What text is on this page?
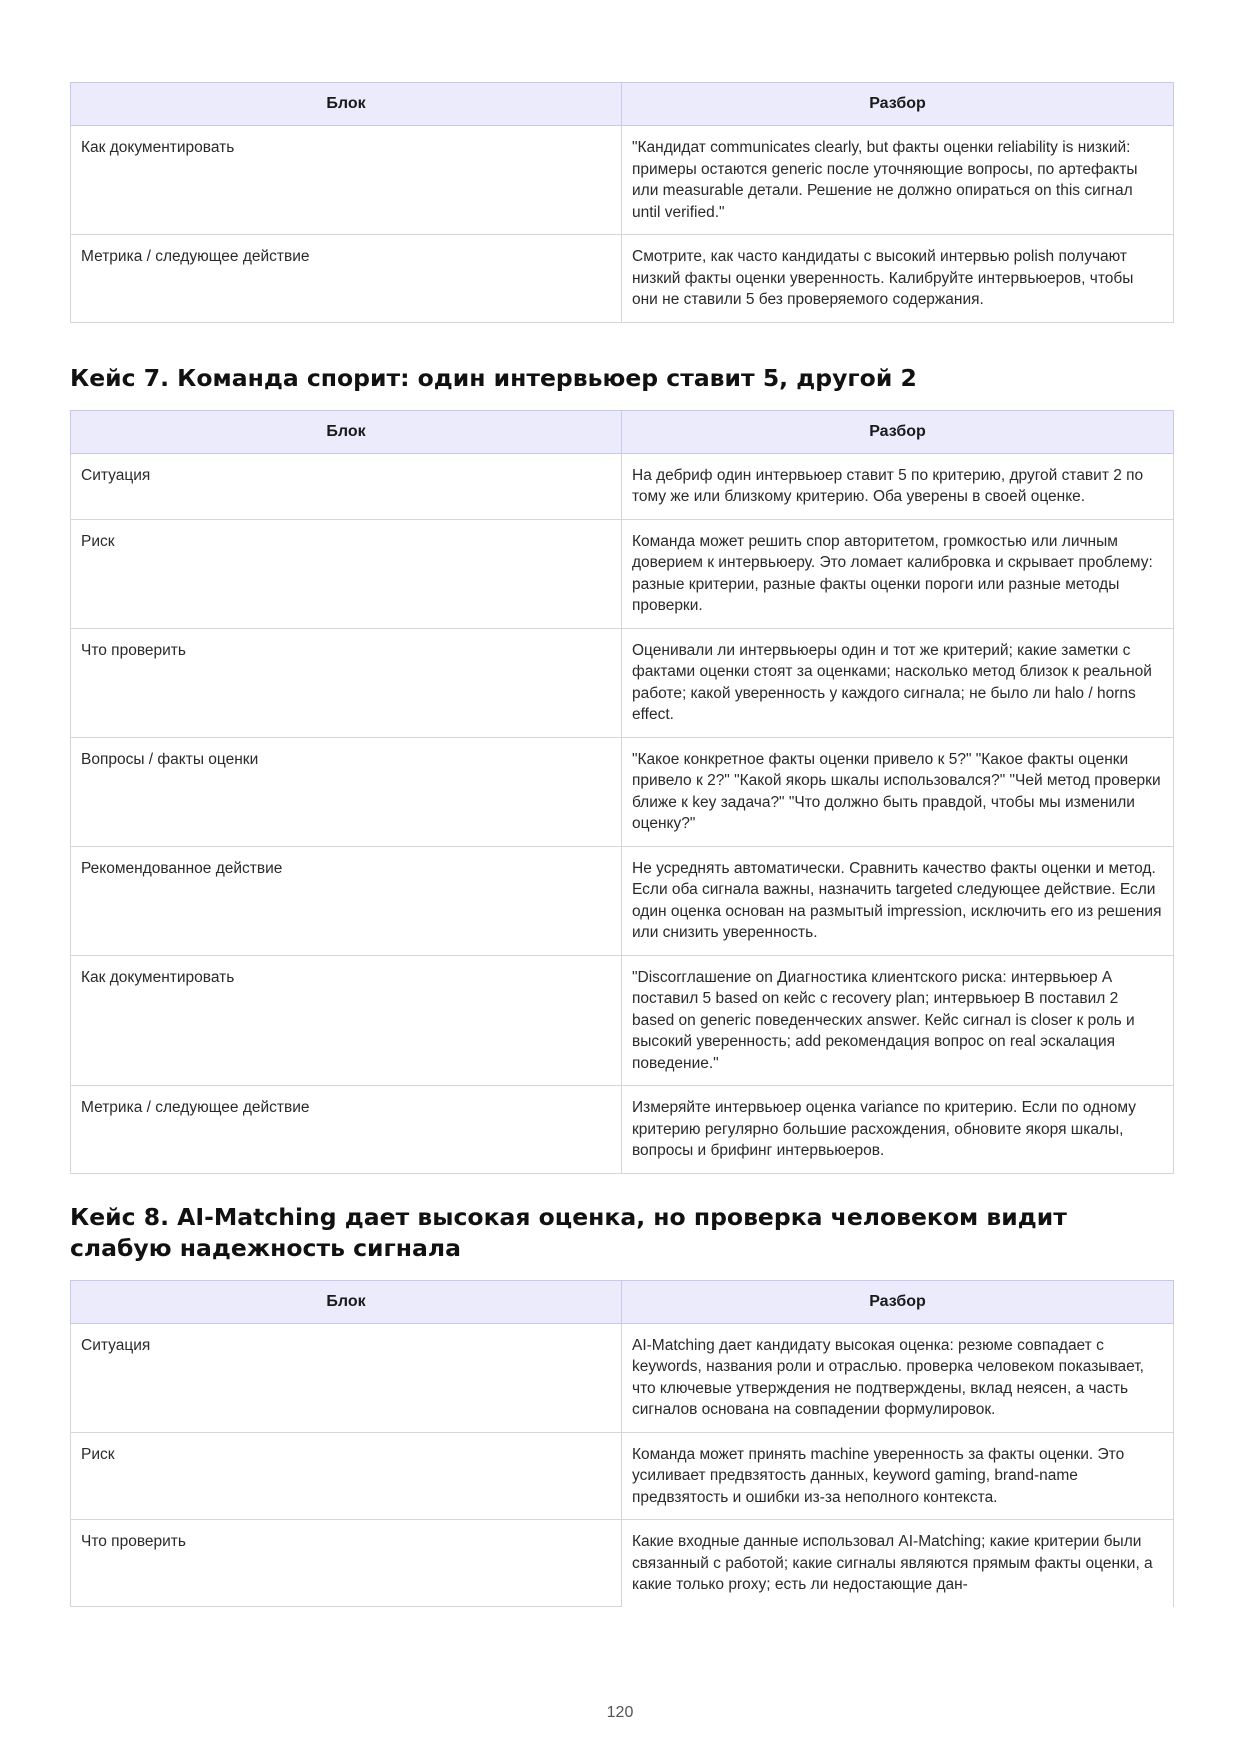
Блок	Разбор
Как документировать	"Кандидат communicates clearly, but факты оценки reliability is низкий: примеры остаются generic после уточняющие вопросы, по артефакты или measurable детали. Решение не должно опираться on this сигнал until verified."
Метрика / следующее действие	Смотрите, как часто кандидаты с высокий интервью polish получают низкий факты оценки уверенность. Калибруйте интервьюеров, чтобы они не ставили 5 без проверяемого содержания.
Кейс 7. Команда спорит: один интервьюер ставит 5, другой 2
Блок	Разбор
Ситуация	На дебриф один интервьюер ставит 5 по критерию, другой ставит 2 по тому же или близкому критерию. Оба уверены в своей оценке.
Риск	Команда может решить спор авторитетом, громкостью или личным доверием к интервьюеру. Это ломает калибровка и скрывает проблему: разные критерии, разные факты оценки пороги или разные методы проверки.
Что проверить	Оценивали ли интервьюеры один и тот же критерий; какие заметки с фактами оценки стоят за оценками; насколько метод близок к реальной работе; какой уверенность у каждого сигнала; не было ли halo / horns effect.
Вопросы / факты оценки	"Какое конкретное факты оценки привело к 5?" "Какое факты оценки привело к 2?" "Какой якорь шкалы использовался?" "Чей метод проверки ближе к key задача?" "Что должно быть правдой, чтобы мы изменили оценку?"
Рекомендованное действие	Не усреднять автоматически. Сравнить качество факты оценки и метод. Если оба сигнала важны, назначить targeted следующее действие. Если один оценка основан на размытый impression, исключить его из решения или снизить уверенность.
Как документировать	"Discorглашение on Диагностика клиентского риска: интервьюер А поставил 5 based on кейс с recovery plan; интервьюер B поставил 2 based on generic поведенческих answer. Кейс сигнал is closer к роль и высокий уверенность; add рекомендация вопрос on real эскалация поведение."
Метрика / следующее действие	Измеряйте интервьюер оценка variance по критерию. Если по одному критерию регулярно большие расхождения, обновите якоря шкалы, вопросы и брифинг интервьюеров.
Кейс 8. AI-Matching дает высокая оценка, но проверка человеком видит слабую надежность сигнала
Блок	Разбор
Ситуация	AI-Matching дает кандидату высокая оценка: резюме совпадает с keywords, названия роли и отраслью. проверка человеком показывает, что ключевые утверждения не подтверждены, вклад неясен, а часть сигналов основана на совпадении формулировок.
Риск	Команда может принять machine уверенность за факты оценки. Это усиливает предвзятость данных, keyword gaming, brand-name предвзятость и ошибки из-за неполного контекста.
Что проверить	Какие входные данные использовал AI-Matching; какие критерии были связанный с работой; какие сигналы являются прямым факты оценки, а какие только proxy; есть ли недостающие дан-
120
